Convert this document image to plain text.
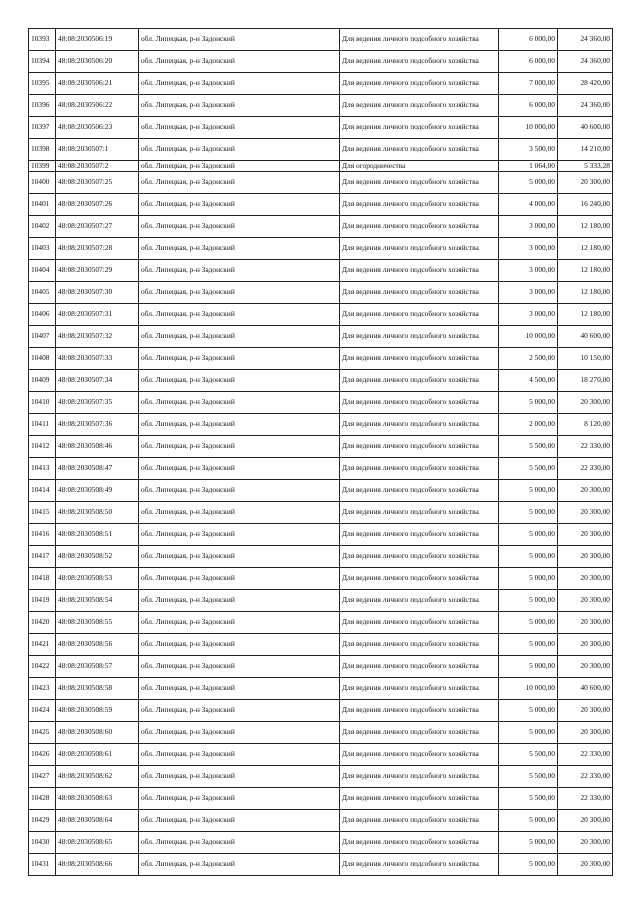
10393	48:08:2030506:19	обл. Липецкая, р-н Задонский	Для ведения личного подсобного хозяйства	6 000,00	24 360,00
10394	48:08:2030506:20	обл. Липецкая, р-н Задонский	Для ведения личного подсобного хозяйства	6 000,00	24 360,00
10395	48:08:2030506:21	обл. Липецкая, р-н Задонский	Для ведения личного подсобного хозяйства	7 000,00	28 420,00
10396	48:08:2030506:22	обл. Липецкая, р-н Задонский	Для ведения личного подсобного хозяйства	6 000,00	24 360,00
10397	48:08:2030506:23	обл. Липецкая, р-н Задонский	Для ведения личного подсобного хозяйства	10 000,00	40 600,00
10398	48:08:2030507:1	обл. Липецкая, р-н Задонский	Для ведения личного подсобного хозяйства	3 500,00	14 210,00
10399	48:08:2030507:2	обл. Липецкая, р-н Задонский	Для огородничества	1 064,00	5 333,28
10400	48:08:2030507:25	обл. Липецкая, р-н Задонский	Для ведения личного подсобного хозяйства	5 000,00	20 300,00
10401	48:08:2030507:26	обл. Липецкая, р-н Задонский	Для ведения личного подсобного хозяйства	4 000,00	16 240,00
10402	48:08:2030507:27	обл. Липецкая, р-н Задонский	Для ведения личного подсобного хозяйства	3 000,00	12 180,00
10403	48:08:2030507:28	обл. Липецкая, р-н Задонский	Для ведения личного подсобного хозяйства	3 000,00	12 180,00
10404	48:08:2030507:29	обл. Липецкая, р-н Задонский	Для ведения личного подсобного хозяйства	3 000,00	12 180,00
10405	48:08:2030507:30	обл. Липецкая, р-н Задонский	Для ведения личного подсобного хозяйства	3 000,00	12 180,00
10406	48:08:2030507:31	обл. Липецкая, р-н Задонский	Для ведения личного подсобного хозяйства	3 000,00	12 180,00
10407	48:08:2030507:32	обл. Липецкая, р-н Задонский	Для ведения личного подсобного хозяйства	10 000,00	40 600,00
10408	48:08:2030507:33	обл. Липецкая, р-н Задонский	Для ведения личного подсобного хозяйства	2 500,00	10 150,00
10409	48:08:2030507:34	обл. Липецкая, р-н Задонский	Для ведения личного подсобного хозяйства	4 500,00	18 270,00
10410	48:08:2030507:35	обл. Липецкая, р-н Задонский	Для ведения личного подсобного хозяйства	5 000,00	20 300,00
10411	48:08:2030507:36	обл. Липецкая, р-н Задонский	Для ведения личного подсобного хозяйства	2 000,00	8 120,00
10412	48:08:2030508:46	обл. Липецкая, р-н Задонский	Для ведения личного подсобного хозяйства	5 500,00	22 330,00
10413	48:08:2030508:47	обл. Липецкая, р-н Задонский	Для ведения личного подсобного хозяйства	5 500,00	22 330,00
10414	48:08:2030508:49	обл. Липецкая, р-н Задонский	Для ведения личного подсобного хозяйства	5 000,00	20 300,00
10415	48:08:2030508:50	обл. Липецкая, р-н Задонский	Для ведения личного подсобного хозяйства	5 000,00	20 300,00
10416	48:08:2030508:51	обл. Липецкая, р-н Задонский	Для ведения личного подсобного хозяйства	5 000,00	20 300,00
10417	48:08:2030508:52	обл. Липецкая, р-н Задонский	Для ведения личного подсобного хозяйства	5 000,00	20 300,00
10418	48:08:2030508:53	обл. Липецкая, р-н Задонский	Для ведения личного подсобного хозяйства	5 000,00	20 300,00
10419	48:08:2030508:54	обл. Липецкая, р-н Задонский	Для ведения личного подсобного хозяйства	5 000,00	20 300,00
10420	48:08:2030508:55	обл. Липецкая, р-н Задонский	Для ведения личного подсобного хозяйства	5 000,00	20 300,00
10421	48:08:2030508:56	обл. Липецкая, р-н Задонский	Для ведения личного подсобного хозяйства	5 000,00	20 300,00
10422	48:08:2030508:57	обл. Липецкая, р-н Задонский	Для ведения личного подсобного хозяйства	5 000,00	20 300,00
10423	48:08:2030508:58	обл. Липецкая, р-н Задонский	Для ведения личного подсобного хозяйства	10 000,00	40 600,00
10424	48:08:2030508:59	обл. Липецкая, р-н Задонский	Для ведения личного подсобного хозяйства	5 000,00	20 300,00
10425	48:08:2030508:60	обл. Липецкая, р-н Задонский	Для ведения личного подсобного хозяйства	5 000,00	20 300,00
10426	48:08:2030508:61	обл. Липецкая, р-н Задонский	Для ведения личного подсобного хозяйства	5 500,00	22 330,00
10427	48:08:2030508:62	обл. Липецкая, р-н Задонский	Для ведения личного подсобного хозяйства	5 500,00	22 330,00
10428	48:08:2030508:63	обл. Липецкая, р-н Задонский	Для ведения личного подсобного хозяйства	5 500,00	22 330,00
10429	48:08:2030508:64	обл. Липецкая, р-н Задонский	Для ведения личного подсобного хозяйства	5 000,00	20 300,00
10430	48:08:2030508:65	обл. Липецкая, р-н Задонский	Для ведения личного подсобного хозяйства	5 000,00	20 300,00
10431	48:08:2030508:66	обл. Липецкая, р-н Задонский	Для ведения личного подсобного хозяйства	5 000,00	20 300,00
